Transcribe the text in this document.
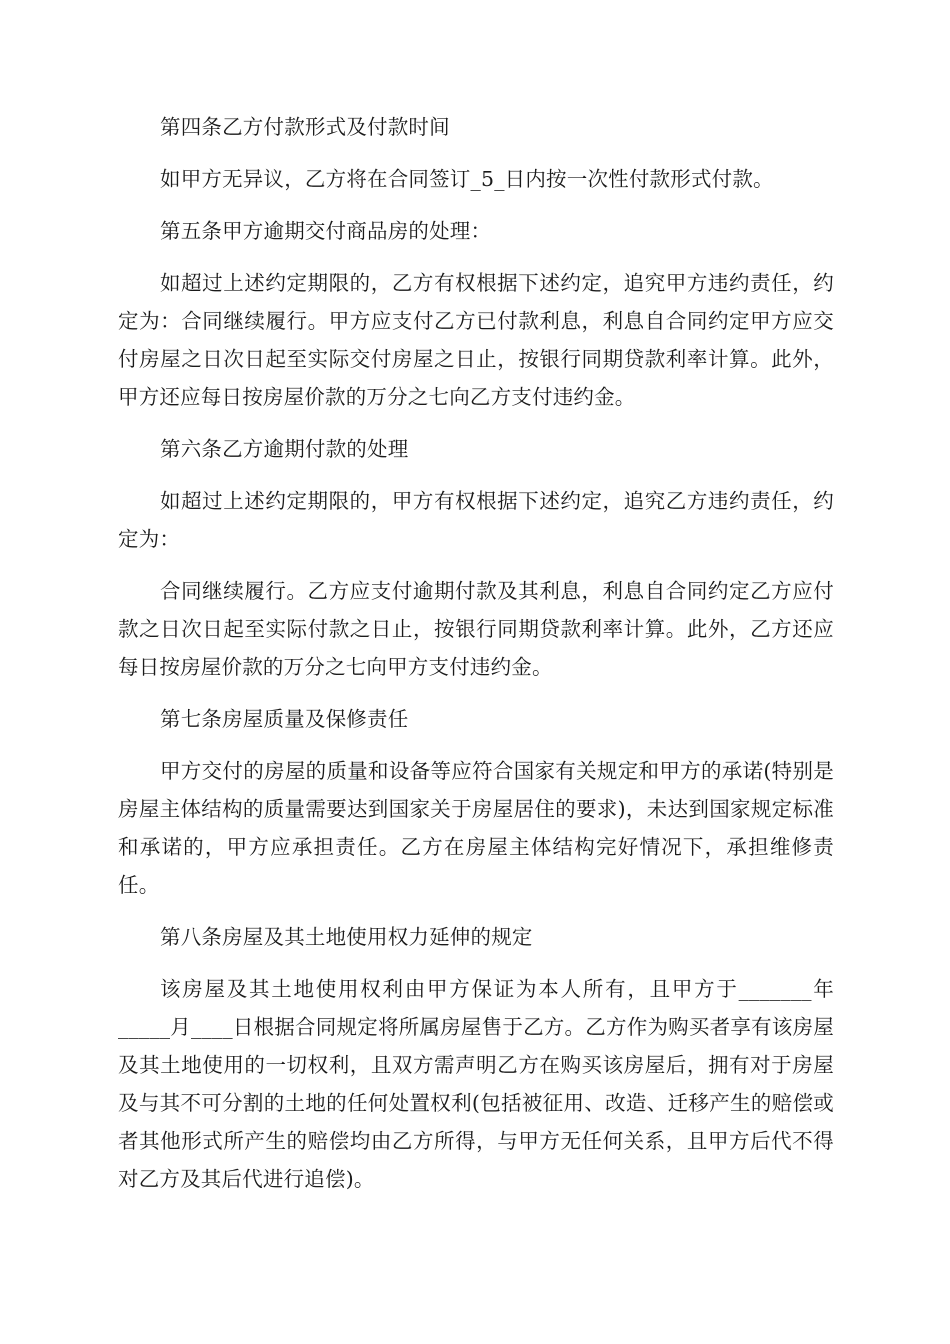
第四条乙方付款形式及付款时间

如甲方无异议，乙方将在合同签订_5_日内按一次性付款形式付款。

第五条甲方逾期交付商品房的处理：

如超过上述约定期限的，乙方有权根据下述约定，追究甲方违约责任，约定为：合同继续履行。甲方应支付乙方已付款利息，利息自合同约定甲方应交付房屋之日次日起至实际交付房屋之日止，按银行同期贷款利率计算。此外，甲方还应每日按房屋价款的万分之七向乙方支付违约金。

第六条乙方逾期付款的处理

如超过上述约定期限的，甲方有权根据下述约定，追究乙方违约责任，约定为：

合同继续履行。乙方应支付逾期付款及其利息，利息自合同约定乙方应付款之日次日起至实际付款之日止，按银行同期贷款利率计算。此外，乙方还应每日按房屋价款的万分之七向甲方支付违约金。

第七条房屋质量及保修责任

甲方交付的房屋的质量和设备等应符合国家有关规定和甲方的承诺(特别是房屋主体结构的质量需要达到国家关于房屋居住的要求)，未达到国家规定标准和承诺的，甲方应承担责任。乙方在房屋主体结构完好情况下，承担维修责任。

第八条房屋及其土地使用权力延伸的规定

该房屋及其土地使用权利由甲方保证为本人所有，且甲方于_______年_____月____日根据合同规定将所属房屋售于乙方。乙方作为购买者享有该房屋及其土地使用的一切权利，且双方需声明乙方在购买该房屋后，拥有对于房屋及与其不可分割的土地的任何处置权利(包括被征用、改造、迁移产生的赔偿或者其他形式所产生的赔偿均由乙方所得，与甲方无任何关系，且甲方后代不得对乙方及其后代进行追偿)。
